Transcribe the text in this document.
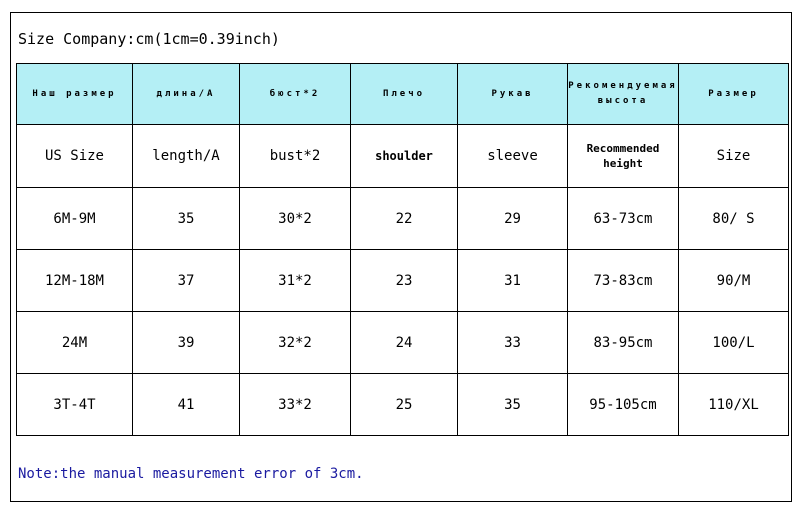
Size Company:cm(1cm=0.39inch)
Наш размер	длина/A	бюст*2	Плечо	Рукав	Рекомендуемая высота	Размер
US Size	length/A	bust*2	shoulder	sleeve	Recommended height	Size
6M-9M	35	30*2	22	29	63-73cm	80/ S
12M-18M	37	31*2	23	31	73-83cm	90/M
24M	39	32*2	24	33	83-95cm	100/L
3T-4T	41	33*2	25	35	95-105cm	110/XL
Note:the manual measurement error of 3cm.
